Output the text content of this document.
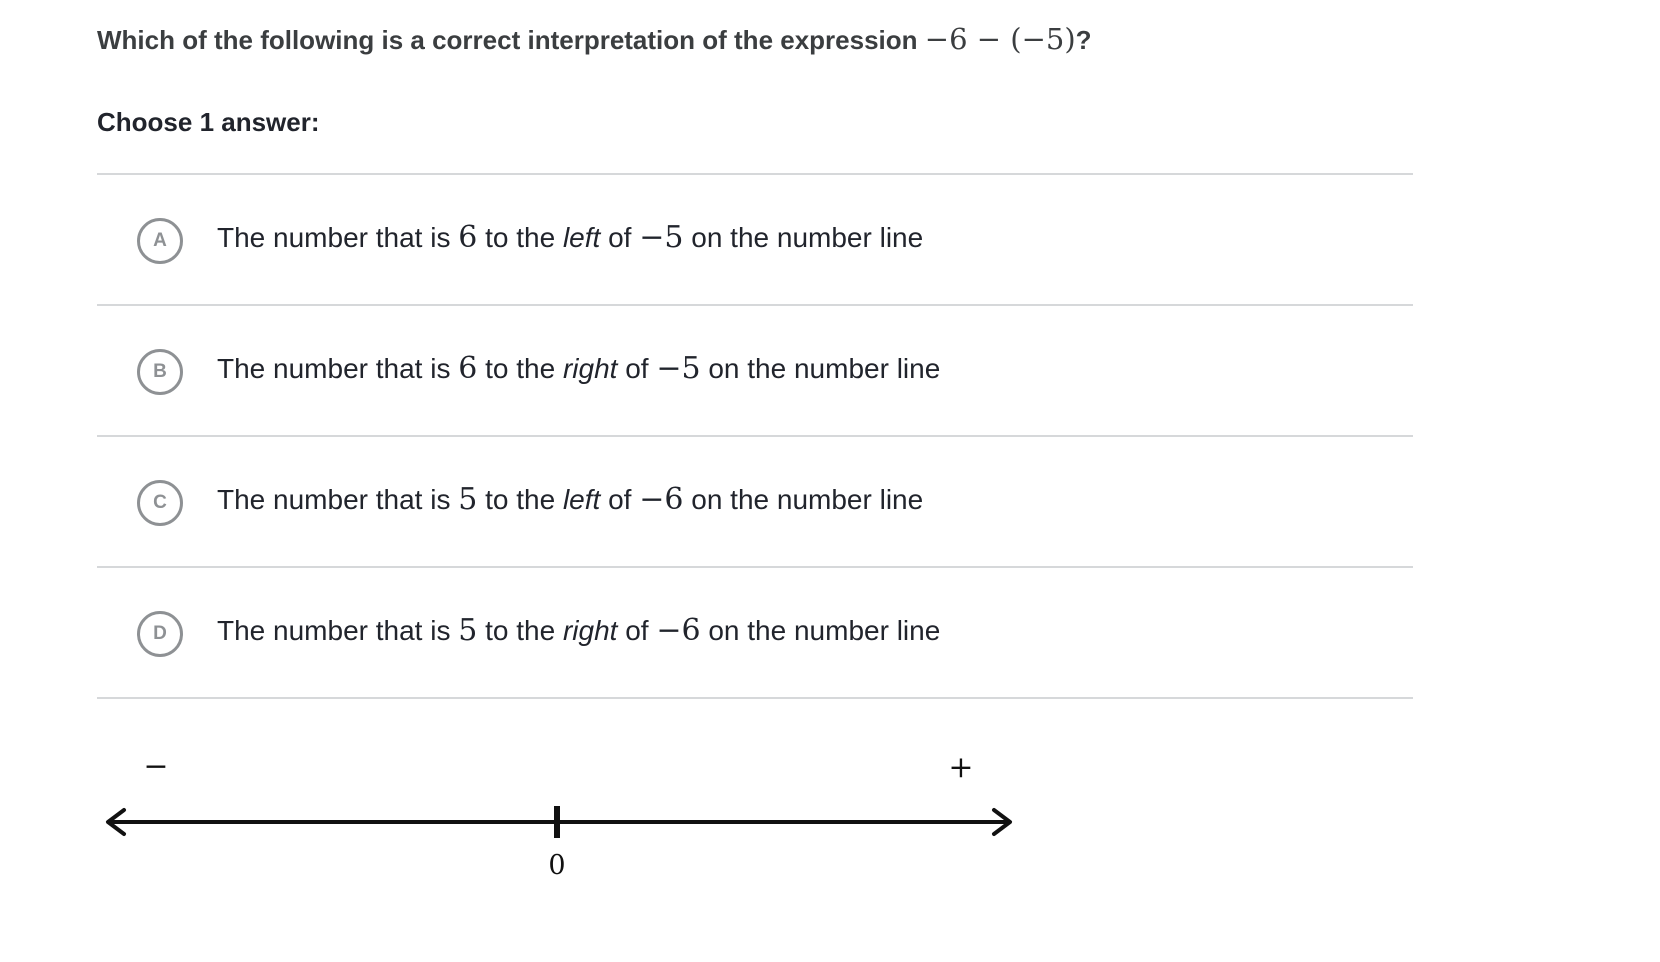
Which of the following is a correct interpretation of the expression −6 − (−5)?
Choose 1 answer:
A	The number that is 6 to the left of −5 on the number line
B	The number that is 6 to the right of −5 on the number line
C	The number that is 5 to the left of −6 on the number line
D	The number that is 5 to the right of −6 on the number line
−	+
0
